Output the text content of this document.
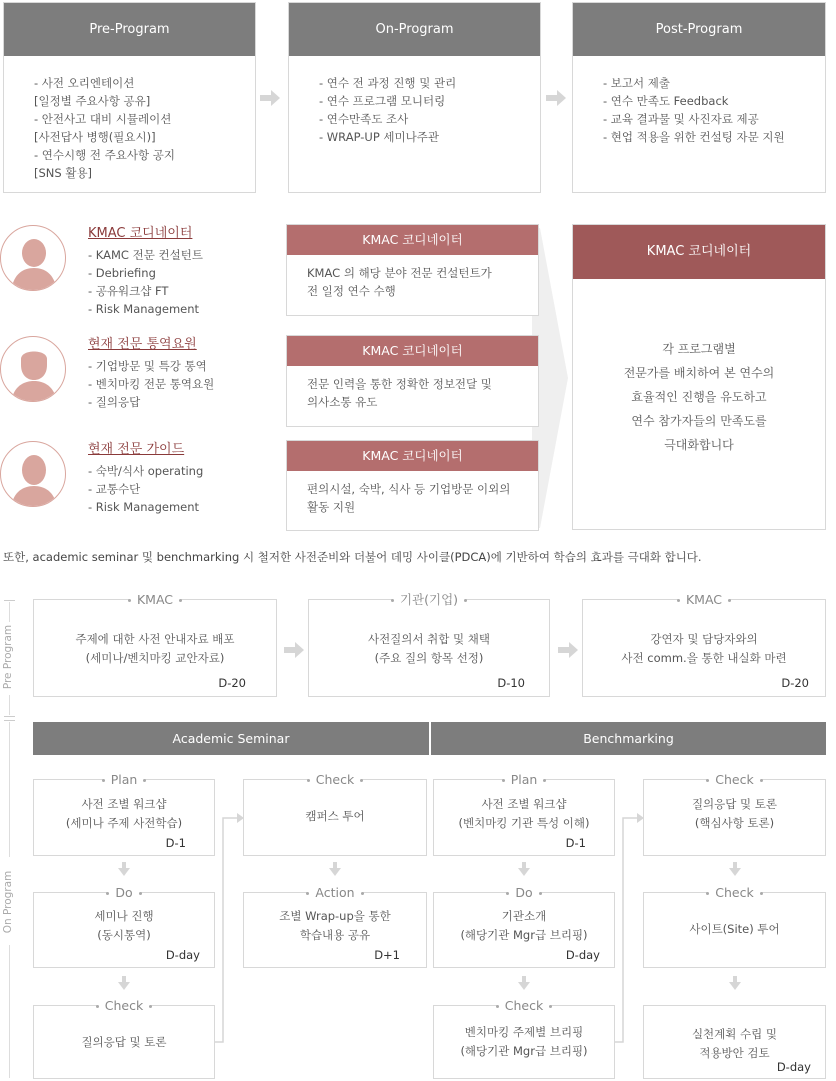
Pre-Program
- 사전 오리엔테이션
[일정별 주요사항 공유]
- 안전사고 대비 시뮬레이션
[사전답사 병행(필요시)]
- 연수시행 전 주요사항 공지
[SNS 활용]
On-Program
- 연수 전 과정 진행 및 관리
- 연수 프로그램 모니터링
- 연수만족도 조사
- WRAP-UP 세미나주관
Post-Program
- 보고서 제출
- 연수 만족도 Feedback
- 교육 결과물 및 사진자료 제공
- 현업 적용을 위한 컨설팅 자문 지원
KMAC 코디네이터
- KAMC 전문 컨설턴트
- Debriefing
- 공유워크샵 FT
- Risk Management
KMAC 코디네이터
KMAC 의 해당 분야 전문 컨설턴트가
전 일정 연수 수행
현재 전문 통역요원
- 기업방문 및 특강 통역
- 벤치마킹 전문 통역요원
- 질의응답
KMAC 코디네이터
전문 인력을 통한 정확한 정보전달 및
의사소통 유도
현재 전문 가이드
- 숙박/식사 operating
- 교통수단
- Risk Management
KMAC 코디네이터
편의시설, 숙박, 식사 등 기업방문 이외의
활동 지원
KMAC 코디네이터
각 프로그램별
전문가를 배치하여 본 연수의
효율적인 진행을 유도하고
연수 참가자들의 만족도를
극대화합니다
또한, academic seminar 및 benchmarking 시 철저한 사전준비와 더불어 데밍 사이클(PDCA)에 기반하여 학습의 효과를 극대화 합니다.
Pre Program
On Program
KMAC
주제에 대한 사전 안내자료 배포
(세미나/벤치마킹 교안자료)
D-20
기관(기업)
사전질의서 취합 및 채택
(주요 질의 항목 선정)
D-10
KMAC
강연자 및 담당자와의
사전 comm.을 통한 내실화 마련
D-20
Academic Seminar	Benchmarking
Plan
사전 조별 워크샵
(세미나 주제 사전학습)
D-1
Do
세미나 진행
(동시통역)
D-day
Check
질의응답 및 토론
Check
캠퍼스 투어
Action
조별 Wrap-up을 통한
학습내용 공유
D+1
Plan
사전 조별 워크샵
(벤치마킹 기관 특성 이해)
D-1
Do
기관소개
(해당기관 Mgr급 브리핑)
D-day
Check
벤치마킹 주제별 브리핑
(해당기관 Mgr급 브리핑)
Check
질의응답 및 토론
(핵심사항 토론)
Check
사이트(Site) 투어
실천계획 수립 및
적용방안 검토
D-day
